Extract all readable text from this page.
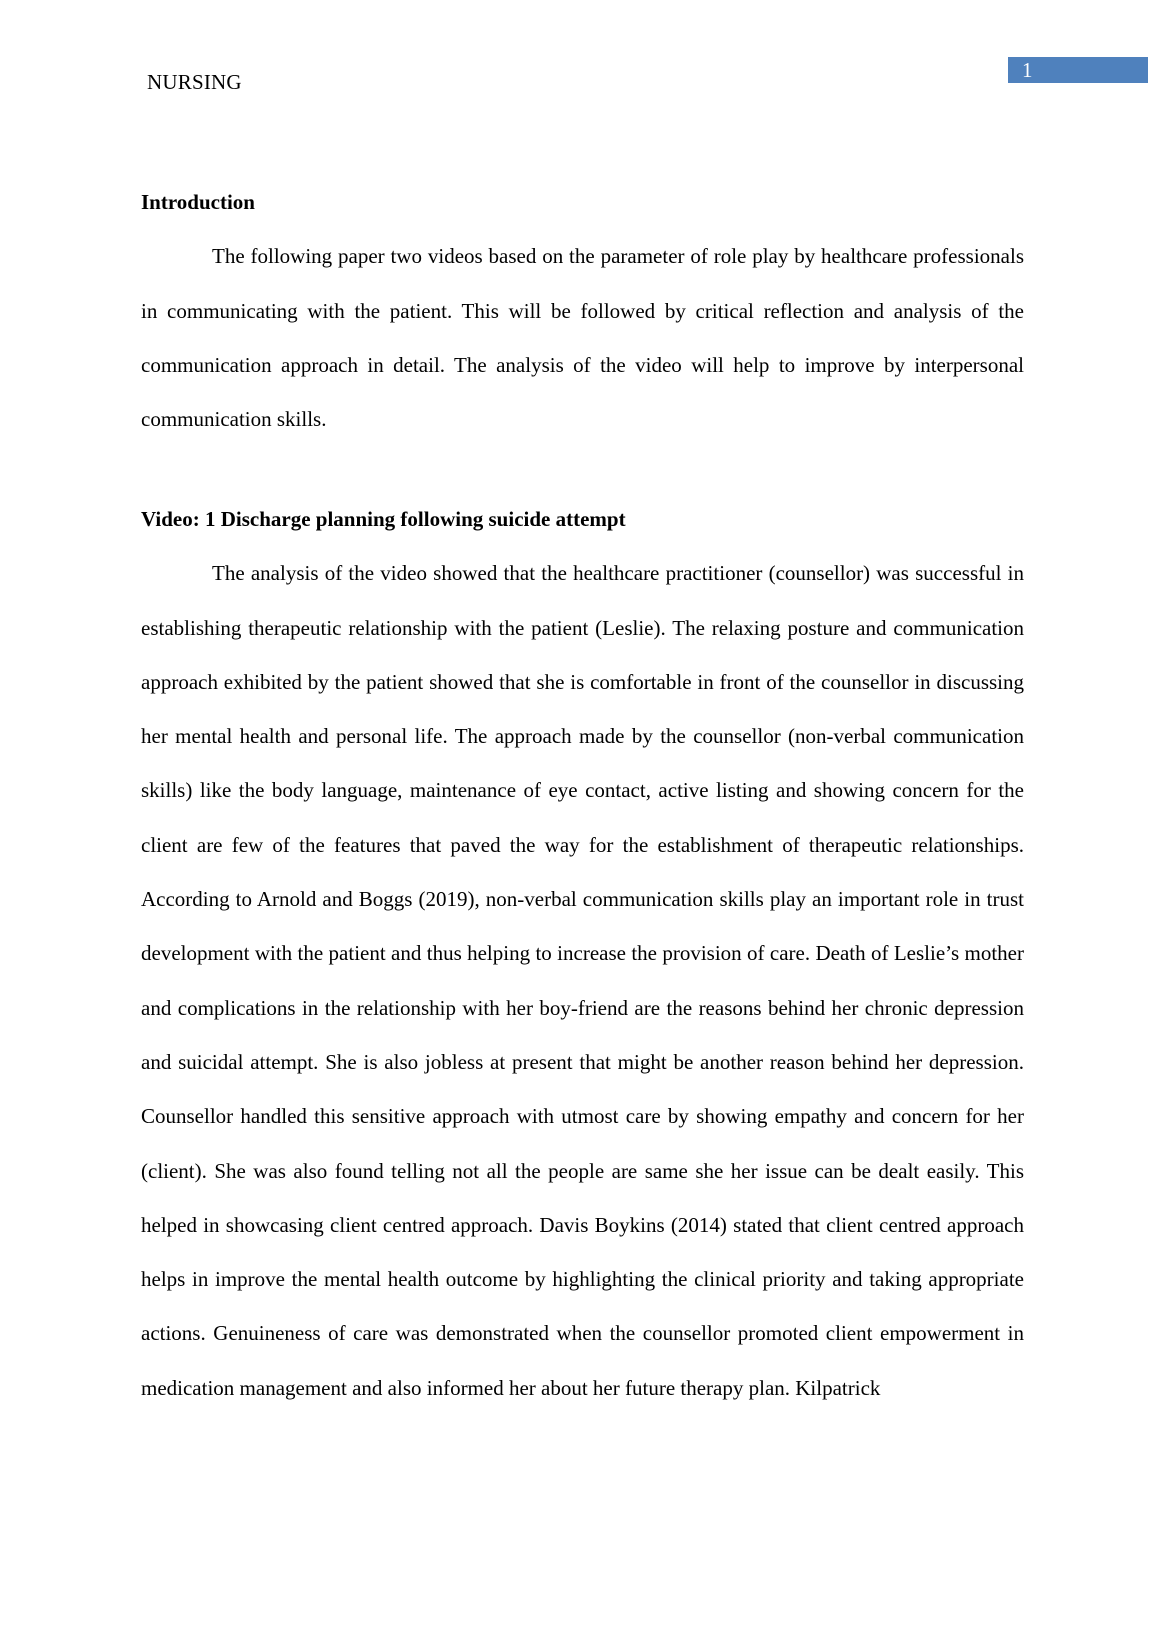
NURSING	1

Introduction

The following paper two videos based on the parameter of role play by healthcare professionals in communicating with the patient. This will be followed by critical reflection and analysis of the communication approach in detail. The analysis of the video will help to improve by interpersonal communication skills.

Video: 1 Discharge planning following suicide attempt

The analysis of the video showed that the healthcare practitioner (counsellor) was successful in establishing therapeutic relationship with the patient (Leslie). The relaxing posture and communication approach exhibited by the patient showed that she is comfortable in front of the counsellor in discussing her mental health and personal life. The approach made by the counsellor (non-verbal communication skills) like the body language, maintenance of eye contact, active listing and showing concern for the client are few of the features that paved the way for the establishment of therapeutic relationships. According to Arnold and Boggs (2019), non-verbal communication skills play an important role in trust development with the patient and thus helping to increase the provision of care. Death of Leslie’s mother and complications in the relationship with her boy-friend are the reasons behind her chronic depression and suicidal attempt. She is also jobless at present that might be another reason behind her depression. Counsellor handled this sensitive approach with utmost care by showing empathy and concern for her (client). She was also found telling not all the people are same she her issue can be dealt easily. This helped in showcasing client centred approach. Davis Boykins (2014) stated that client centred approach helps in improve the mental health outcome by highlighting the clinical priority and taking appropriate actions. Genuineness of care was demonstrated when the counsellor promoted client empowerment in medication management and also informed her about her future therapy plan. Kilpatrick
